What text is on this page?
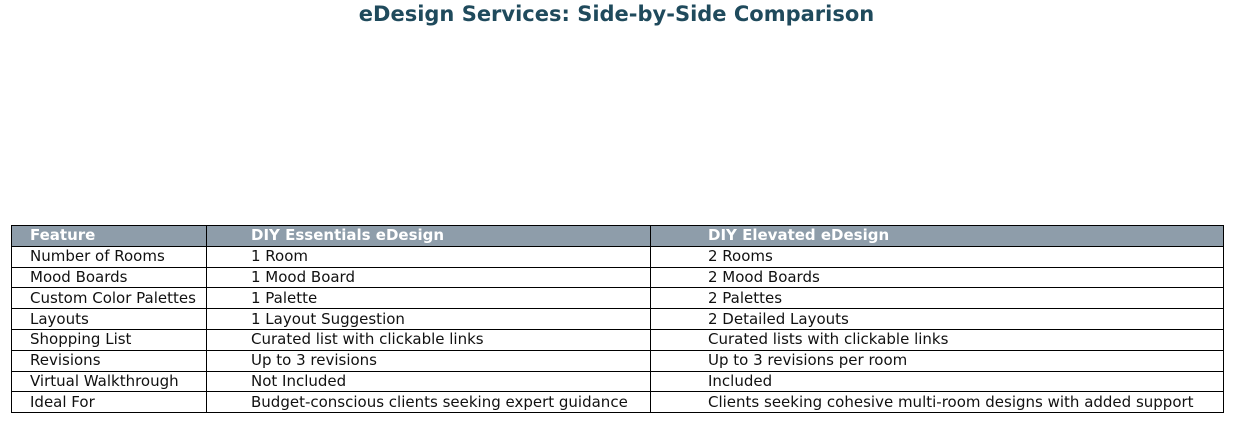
eDesign Services: Side-by-Side Comparison
Feature	DIY Essentials eDesign	DIY Elevated eDesign
Number of Rooms	1 Room	2 Rooms
Mood Boards	1 Mood Board	2 Mood Boards
Custom Color Palettes	1 Palette	2 Palettes
Layouts	1 Layout Suggestion	2 Detailed Layouts
Shopping List	Curated list with clickable links	Curated lists with clickable links
Revisions	Up to 3 revisions	Up to 3 revisions per room
Virtual Walkthrough	Not Included	Included
Ideal For	Budget-conscious clients seeking expert guidance	Clients seeking cohesive multi-room designs with added support
